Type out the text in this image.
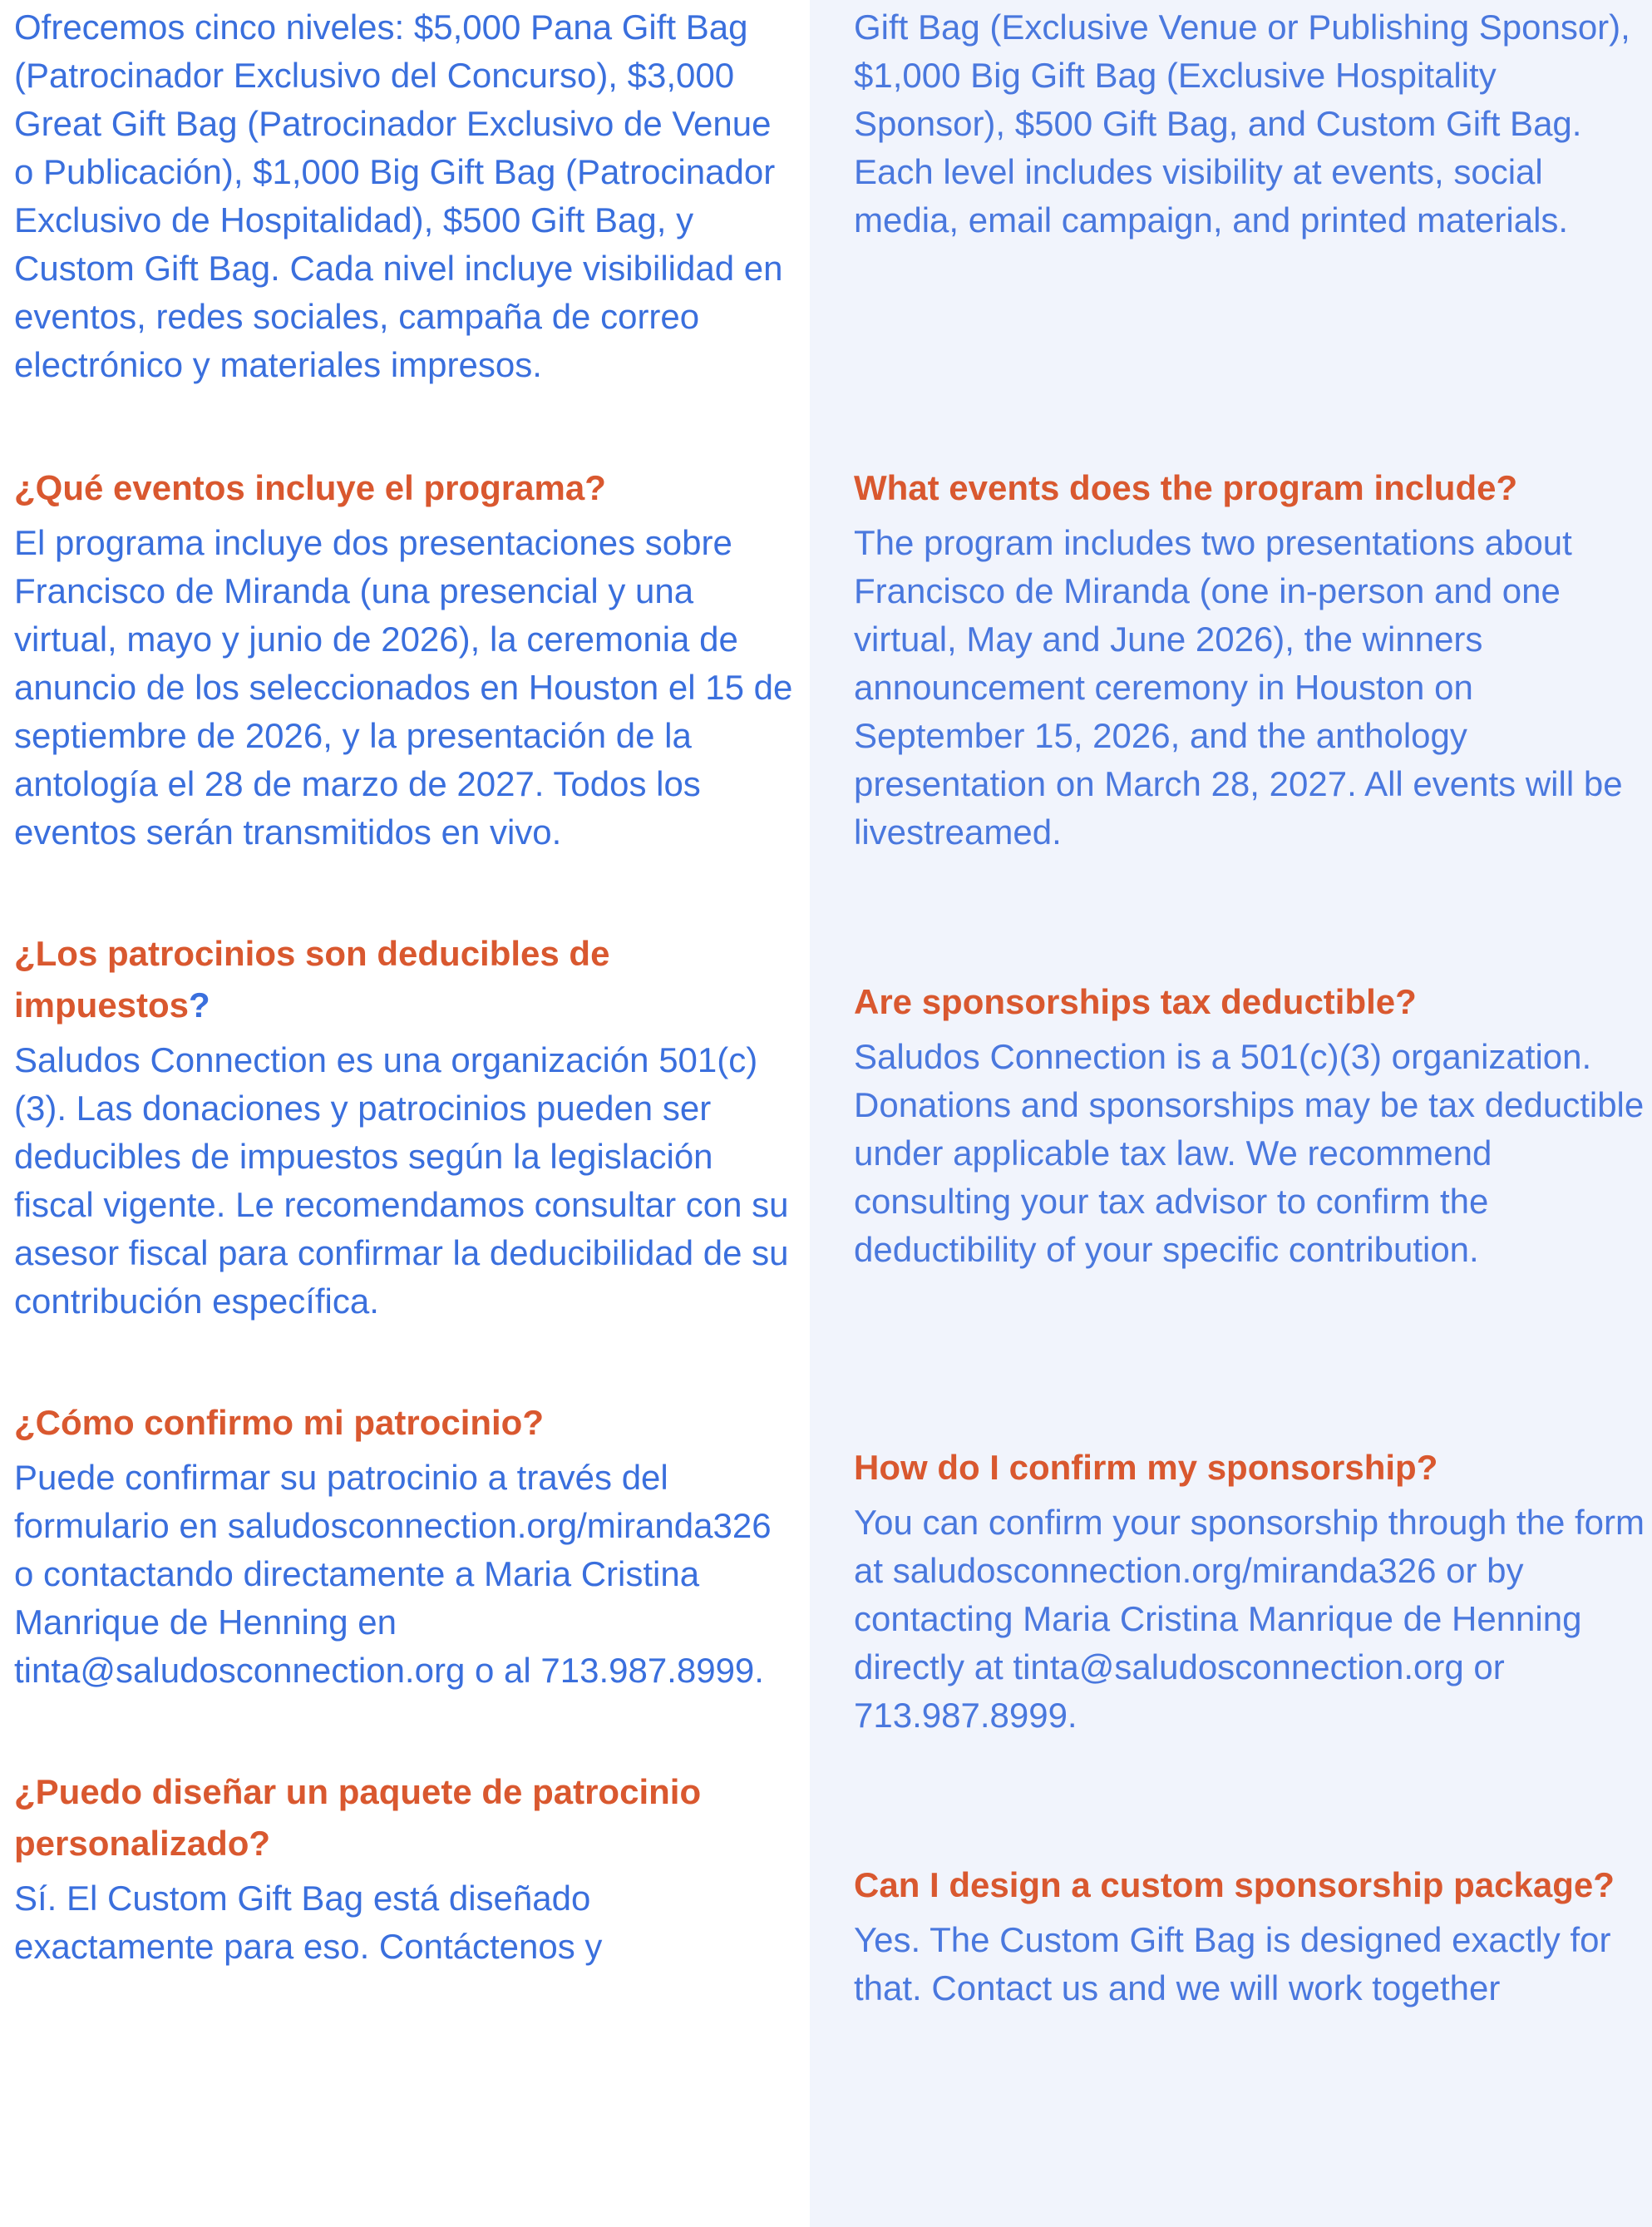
Ofrecemos cinco niveles: $5,000 Pana Gift Bag (Patrocinador Exclusivo del Concurso), $3,000 Great Gift Bag (Patrocinador Exclusivo de Venue o Publicación), $1,000 Big Gift Bag (Patrocinador Exclusivo de Hospitalidad), $500 Gift Bag, y Custom Gift Bag. Cada nivel incluye visibilidad en eventos, redes sociales, campaña de correo electrónico y materiales impresos.

¿Qué eventos incluye el programa?

El programa incluye dos presentaciones sobre Francisco de Miranda (una presencial y una virtual, mayo y junio de 2026), la ceremonia de anuncio de los seleccionados en Houston el 15 de septiembre de 2026, y la presentación de la antología el 28 de marzo de 2027. Todos los eventos serán transmitidos en vivo.

¿Los patrocinios son deducibles de impuestos?

Saludos Connection es una organización 501(c)(3). Las donaciones y patrocinios pueden ser deducibles de impuestos según la legislación fiscal vigente. Le recomendamos consultar con su asesor fiscal para confirmar la deducibilidad de su contribución específica.

¿Cómo confirmo mi patrocinio?

Puede confirmar su patrocinio a través del formulario en saludosconnection.org/miranda326 o contactando directamente a Maria Cristina Manrique de Henning en tinta@saludosconnection.org o al 713.987.8999.

¿Puedo diseñar un paquete de patrocinio personalizado?

Sí. El Custom Gift Bag está diseñado exactamente para eso. Contáctenos y

Gift Bag (Exclusive Venue or Publishing Sponsor), $1,000 Big Gift Bag (Exclusive Hospitality Sponsor), $500 Gift Bag, and Custom Gift Bag. Each level includes visibility at events, social media, email campaign, and printed materials.

What events does the program include?

The program includes two presentations about Francisco de Miranda (one in-person and one virtual, May and June 2026), the winners announcement ceremony in Houston on September 15, 2026, and the anthology presentation on March 28, 2027. All events will be livestreamed.

Are sponsorships tax deductible?

Saludos Connection is a 501(c)(3) organization. Donations and sponsorships may be tax deductible under applicable tax law. We recommend consulting your tax advisor to confirm the deductibility of your specific contribution.

How do I confirm my sponsorship?

You can confirm your sponsorship through the form at saludosconnection.org/miranda326 or by contacting Maria Cristina Manrique de Henning directly at tinta@saludosconnection.org or 713.987.8999.

Can I design a custom sponsorship package?

Yes. The Custom Gift Bag is designed exactly for that. Contact us and we will work together
